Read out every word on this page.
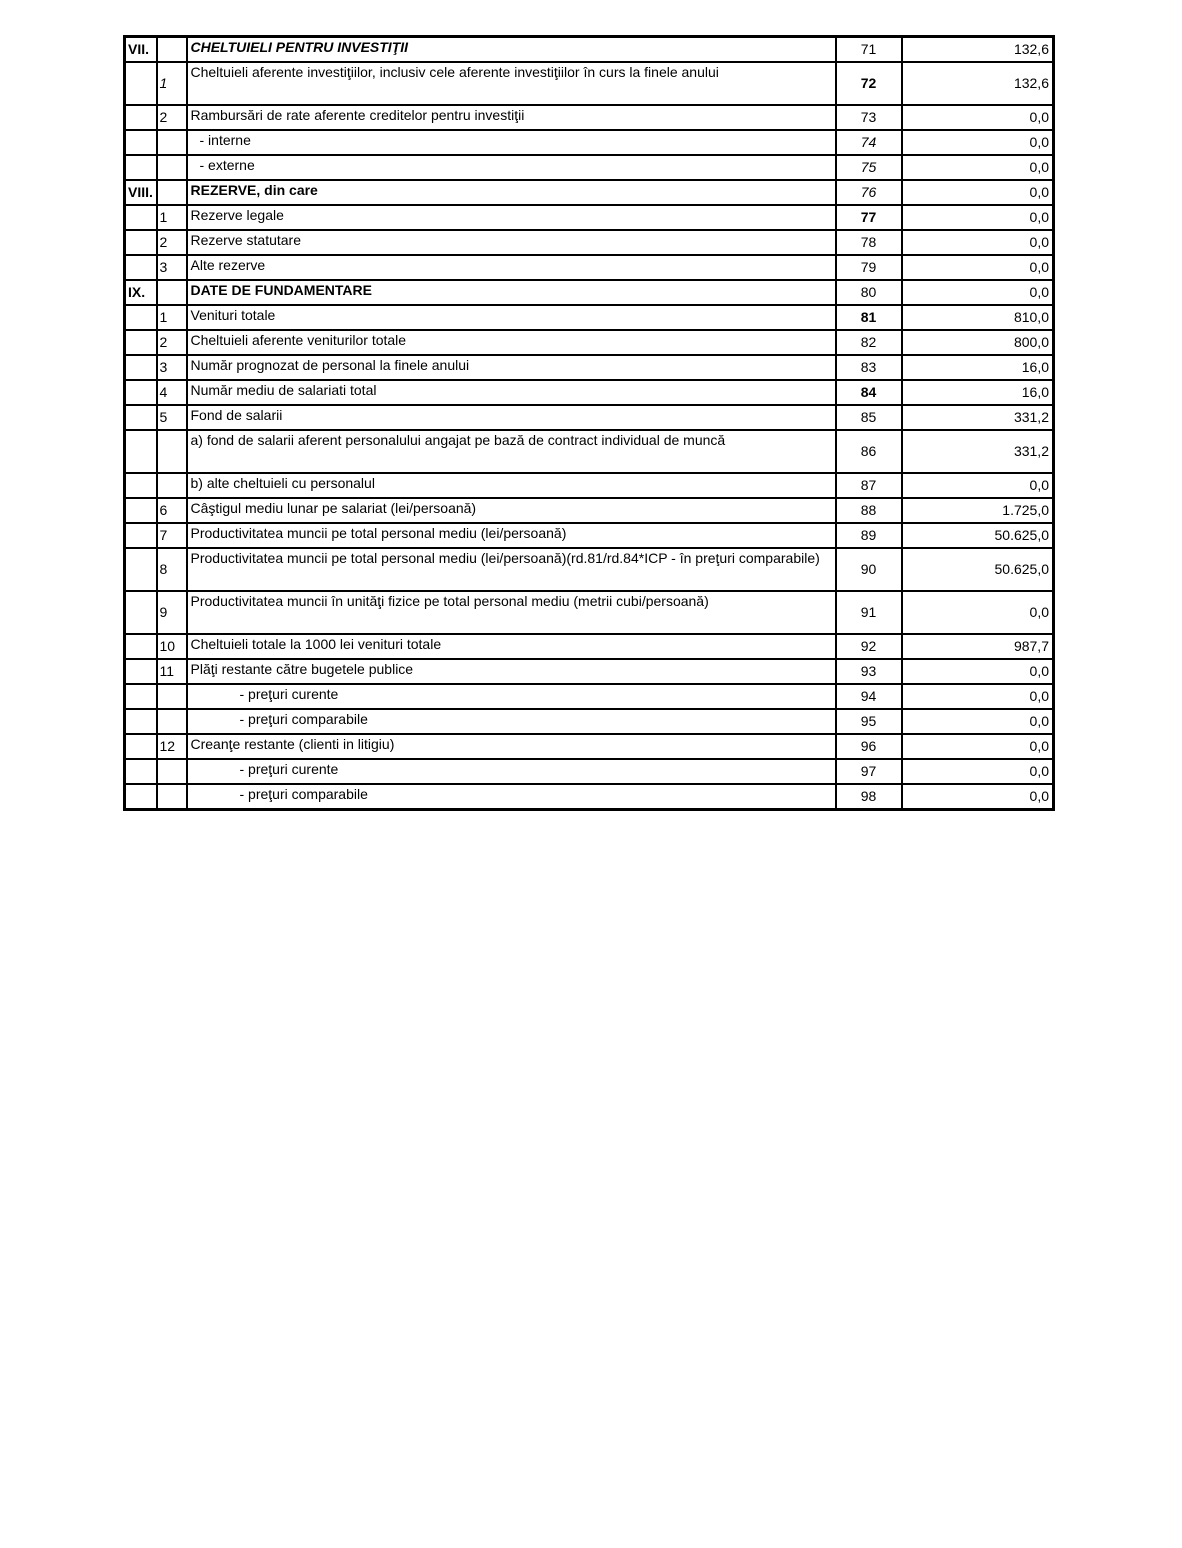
VII.		CHELTUIELI PENTRU INVESTIŢII	71	132,6
	1	Cheltuieli aferente investiţiilor, inclusiv cele aferente investiţiilor în curs la finele anului	72	132,6
	2	Rambursări de rate aferente creditelor pentru investiţii	73	0,0
		- interne	74	0,0
		- externe	75	0,0
VIII.		REZERVE, din care	76	0,0
	1	Rezerve legale	77	0,0
	2	Rezerve statutare	78	0,0
	3	Alte rezerve	79	0,0
IX.		DATE DE FUNDAMENTARE	80	0,0
	1	Venituri totale	81	810,0
	2	Cheltuieli aferente veniturilor totale	82	800,0
	3	Număr prognozat de personal la finele anului	83	16,0
	4	Număr mediu de salariati total	84	16,0
	5	Fond de salarii	85	331,2
		a) fond de salarii aferent personalului angajat pe bază de contract individual de muncă	86	331,2
		b) alte cheltuieli cu personalul	87	0,0
	6	Câştigul mediu lunar pe salariat (lei/persoană)	88	1.725,0
	7	Productivitatea muncii pe total personal mediu (lei/persoană)	89	50.625,0
	8	Productivitatea muncii pe total personal mediu (lei/persoană)(rd.81/rd.84*ICP - în preţuri comparabile)	90	50.625,0
	9	Productivitatea muncii în unităţi fizice pe total personal mediu (metrii cubi/persoană)	91	0,0
	10	Cheltuieli totale la 1000 lei venituri totale	92	987,7
	11	Plăţi restante către bugetele publice	93	0,0
		- preţuri curente	94	0,0
		- preţuri comparabile	95	0,0
	12	Creanţe restante (clienti in litigiu)	96	0,0
		- preţuri curente	97	0,0
		- preţuri comparabile	98	0,0
